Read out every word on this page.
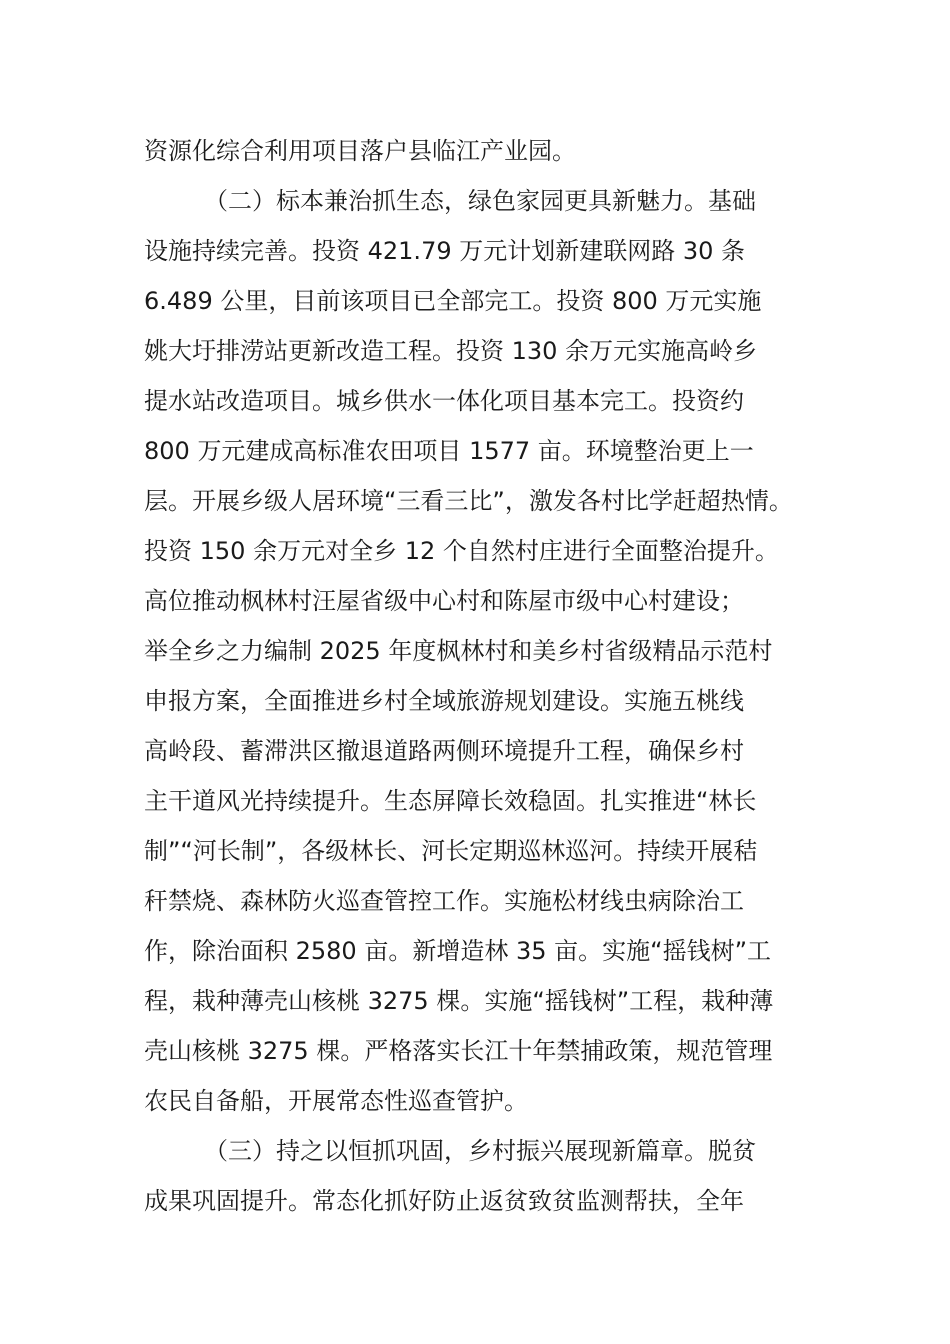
资源化综合利用项目落户县临江产业园。
（二）标本兼治抓生态，绿色家园更具新魅力。基础
设施持续完善。投资 421.79 万元计划新建联网路 30 条
6.489 公里，目前该项目已全部完工。投资 800 万元实施
姚大圩排涝站更新改造工程。投资 130 余万元实施高岭乡
提水站改造项目。城乡供水一体化项目基本完工。投资约
800 万元建成高标准农田项目 1577 亩。环境整治更上一
层。开展乡级人居环境“三看三比”，激发各村比学赶超热情。
投资 150 余万元对全乡 12 个自然村庄进行全面整治提升。
高位推动枫林村汪屋省级中心村和陈屋市级中心村建设；
举全乡之力编制 2025 年度枫林村和美乡村省级精品示范村
申报方案，全面推进乡村全域旅游规划建设。实施五桃线
高岭段、蓄滞洪区撤退道路两侧环境提升工程，确保乡村
主干道风光持续提升。生态屏障长效稳固。扎实推进“林长
制”“河长制”，各级林长、河长定期巡林巡河。持续开展秸
秆禁烧、森林防火巡查管控工作。实施松材线虫病除治工
作，除治面积 2580 亩。新增造林 35 亩。实施“摇钱树”工
程，栽种薄壳山核桃 3275 棵。实施“摇钱树”工程，栽种薄
壳山核桃 3275 棵。严格落实长江十年禁捕政策，规范管理
农民自备船，开展常态性巡查管护。
（三）持之以恒抓巩固，乡村振兴展现新篇章。脱贫
成果巩固提升。常态化抓好防止返贫致贫监测帮扶，全年
